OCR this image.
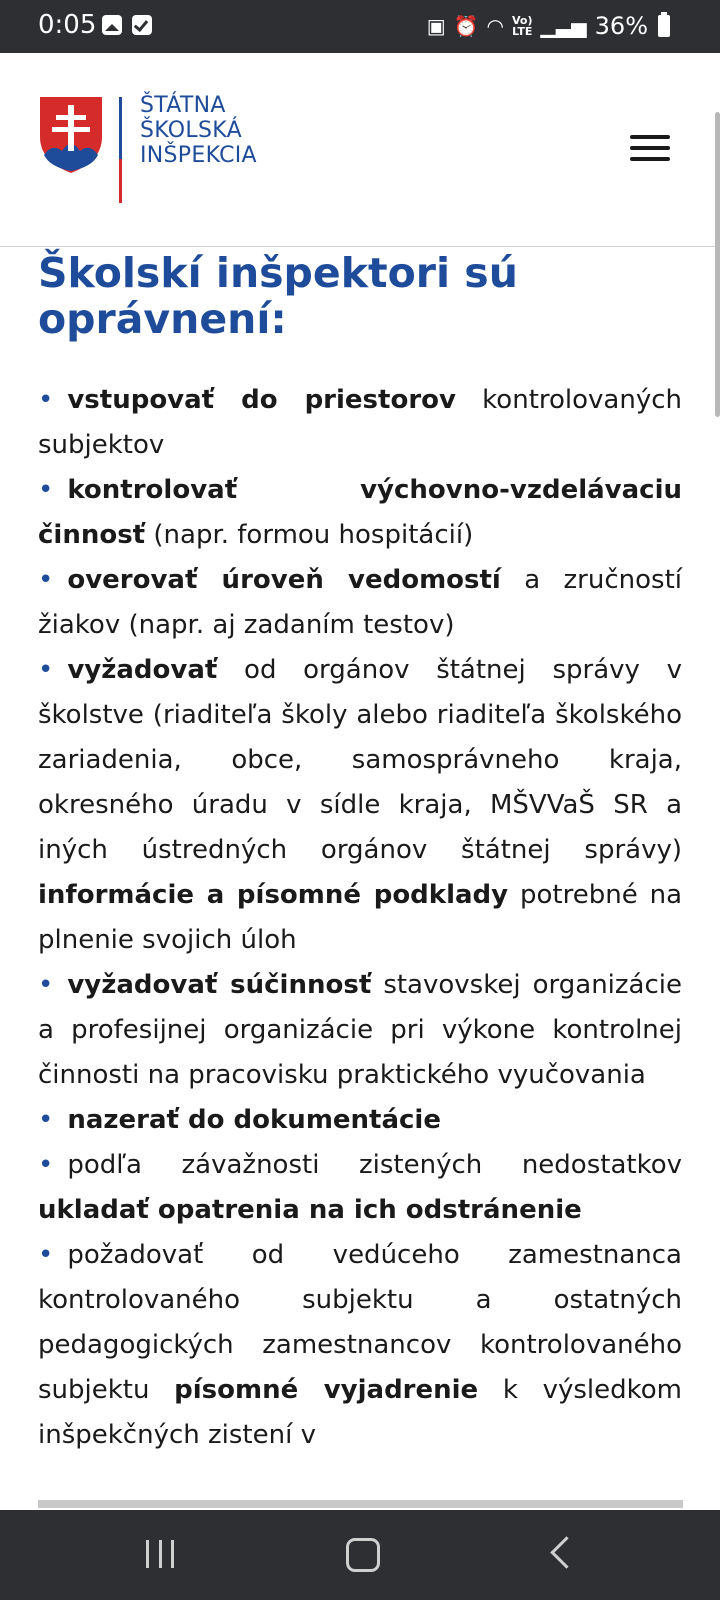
0:05	▣ ⏰ ◠ Vo)
LTE ▁▃▅ 36%
ŠTÁTNA
ŠKOLSKÁ
INŠPEKCIA
Školskí inšpektori sú oprávnení:
• vstupovať do priestorov kontrolovaných subjektov
• kontrolovať výchovno-vzdelávaciu činnosť (napr. formou hospitácií)
• overovať úroveň vedomostí a zručností žiakov (napr. aj zadaním testov)
• vyžadovať od orgánov štátnej správy v školstve (riaditeľa školy alebo riaditeľa školského zariadenia, obce, samosprávneho kraja, okresného úradu v sídle kraja, MŠVVaŠ SR a iných ústredných orgánov štátnej správy) informácie a písomné podklady potrebné na plnenie svojich úloh
• vyžadovať súčinnosť stavovskej organizácie a profesijnej organizácie pri výkone kontrolnej činnosti na pracovisku praktického vyučovania
• nazerať do dokumentácie
• podľa závažnosti zistených nedostatkov ukladať opatrenia na ich odstránenie
• požadovať od vedúceho zamestnanca kontrolovaného subjektu a ostatných pedagogických zamestnancov kontrolovaného subjektu písomné vyjadrenie k výsledkom inšpekčných zistení v
